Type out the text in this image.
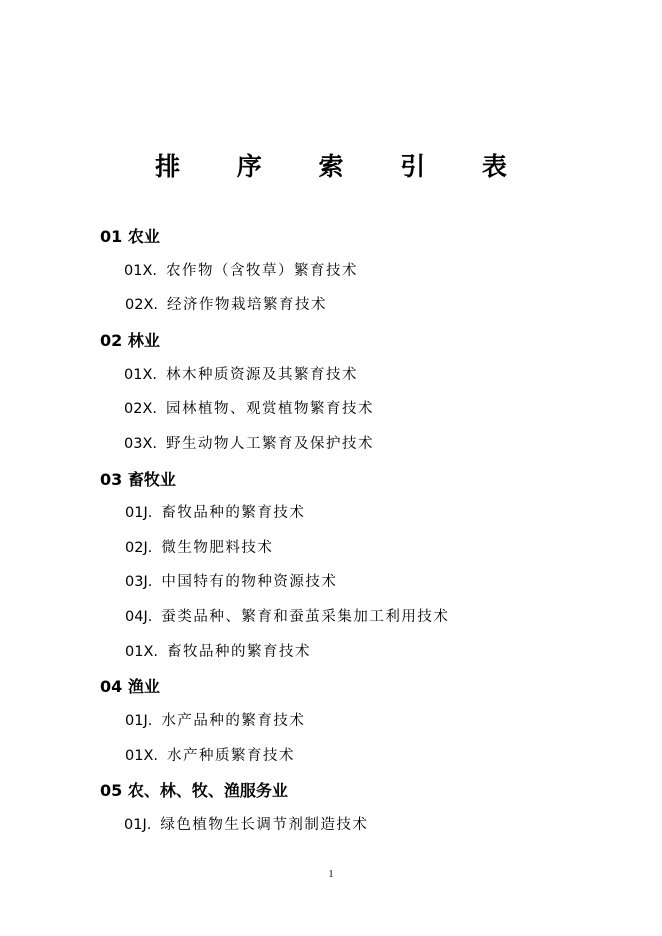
排 序 索 引 表
01 农业
01X. 农作物（含牧草）繁育技术
02X. 经济作物栽培繁育技术
02 林业
01X. 林木种质资源及其繁育技术
02X. 园林植物、观赏植物繁育技术
03X. 野生动物人工繁育及保护技术
03 畜牧业
01J. 畜牧品种的繁育技术
02J. 微生物肥料技术
03J. 中国特有的物种资源技术
04J. 蚕类品种、繁育和蚕茧采集加工利用技术
01X. 畜牧品种的繁育技术
04 渔业
01J. 水产品种的繁育技术
01X. 水产种质繁育技术
05 农、林、牧、渔服务业
01J. 绿色植物生长调节剂制造技术
1
